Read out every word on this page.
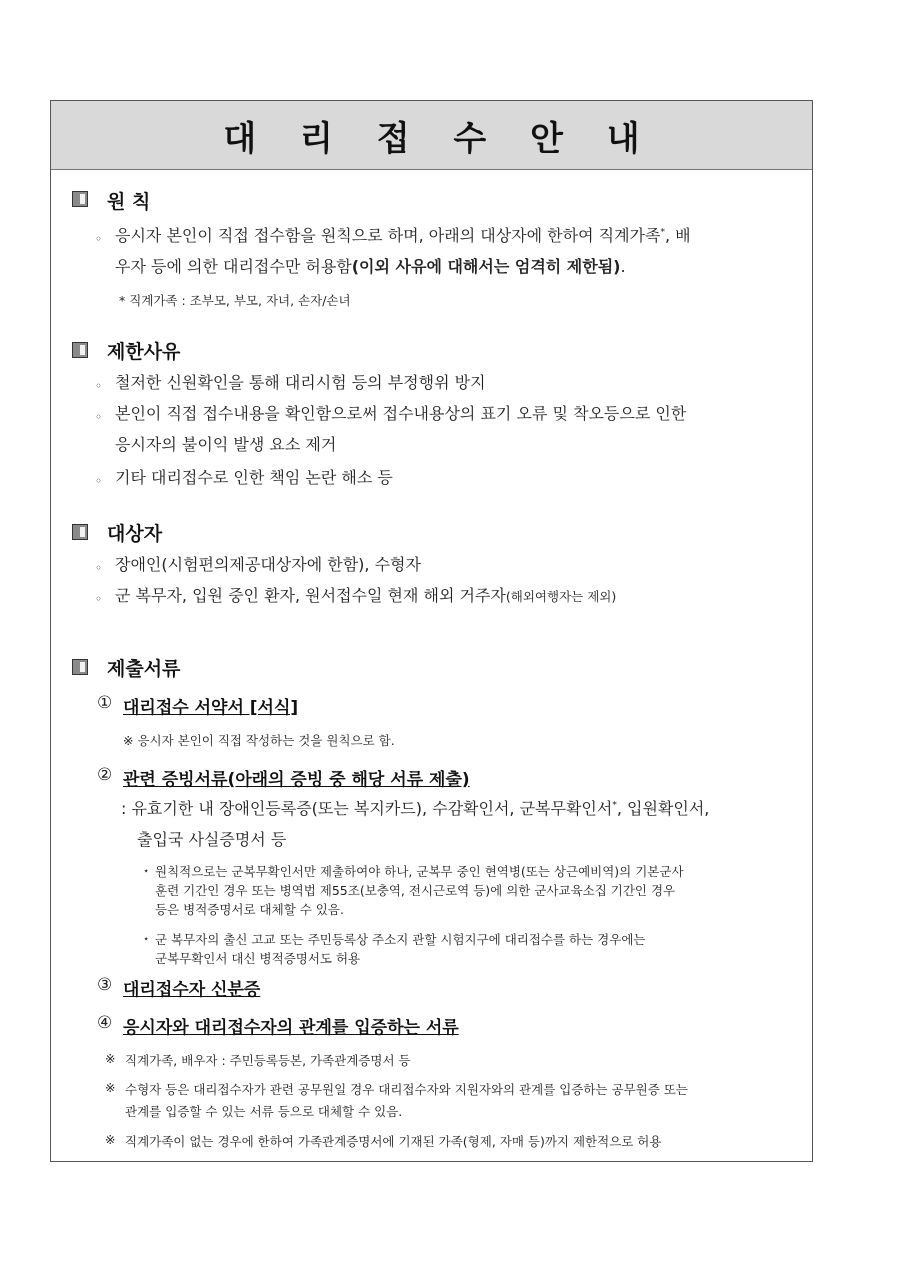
대 리 접 수 안 내
원 칙
◦ 응시자 본인이 직접 접수함을 원칙으로 하며, 아래의 대상자에 한하여 직계가족*, 배
우자 등에 의한 대리접수만 허용함(이외 사유에 대해서는 엄격히 제한됨).
* 직계가족 : 조부모, 부모, 자녀, 손자/손녀
제한사유
◦ 철저한 신원확인을 통해 대리시험 등의 부정행위 방지
◦ 본인이 직접 접수내용을 확인함으로써 접수내용상의 표기 오류 및 착오등으로 인한
응시자의 불이익 발생 요소 제거
◦ 기타 대리접수로 인한 책임 논란 해소 등
대상자
◦ 장애인(시험편의제공대상자에 한함), 수형자
◦ 군 복무자, 입원 중인 환자, 원서접수일 현재 해외 거주자(해외여행자는 제외)
제출서류
① 대리접수 서약서 [서식]
※ 응시자 본인이 직접 작성하는 것을 원칙으로 함.
② 관련 증빙서류(아래의 증빙 중 해당 서류 제출)
: 유효기한 내 장애인등록증(또는 복지카드), 수감확인서, 군복무확인서*, 입원확인서,
출입국 사실증명서 등
⋆ 원칙적으로는 군복무확인서만 제출하여야 하나, 군복무 중인 현역병(또는 상근예비역)의 기본군사
훈련 기간인 경우 또는 병역법 제55조(보충역, 전시근로역 등)에 의한 군사교육소집 기간인 경우
등은 병적증명서로 대체할 수 있음.
⋆ 군 복무자의 출신 고교 또는 주민등록상 주소지 관할 시험지구에 대리접수를 하는 경우에는
군복무확인서 대신 병적증명서도 허용
③ 대리접수자 신분증
④ 응시자와 대리접수자의 관계를 입증하는 서류
※ 직계가족, 배우자 : 주민등록등본, 가족관계증명서 등
※ 수형자 등은 대리접수자가 관련 공무원일 경우 대리접수자와 지원자와의 관계를 입증하는 공무원증 또는
관계를 입증할 수 있는 서류 등으로 대체할 수 있음.
※ 직계가족이 없는 경우에 한하여 가족관계증명서에 기재된 가족(형제, 자매 등)까지 제한적으로 허용
